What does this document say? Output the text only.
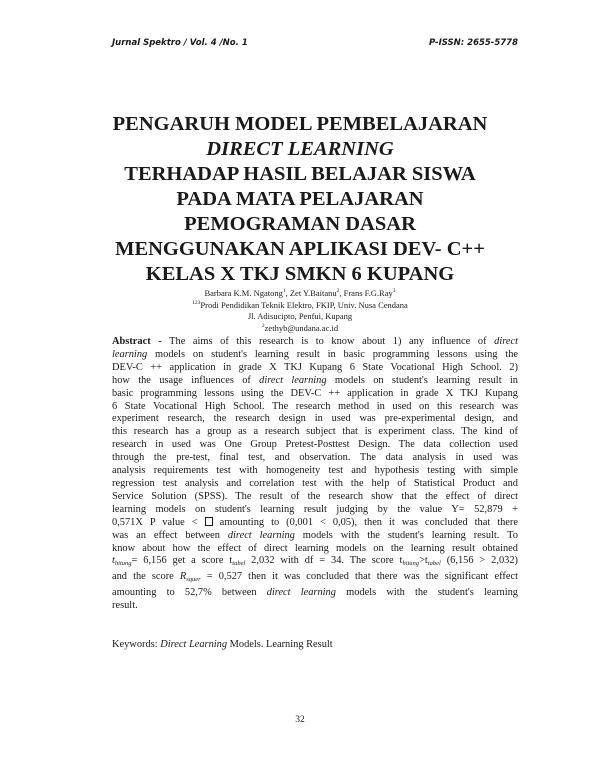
Jurnal Spektro / Vol. 4 /No. 1	P-ISSN: 2655-5778
PENGARUH MODEL PEMBELAJARAN
DIRECT LEARNING
TERHADAP HASIL BELAJAR SISWA
PADA MATA PELAJARAN
PEMOGRAMAN DASAR
MENGGUNAKAN APLIKASI DEV- C++
KELAS X TKJ SMKN 6 KUPANG
Barbara K.M. Ngatong$^1$, Zet Y.Baitanu$^2$, Frans F.G.Ray$^3$
$^{123}$Prodi Pendidikan Teknik Elektro, FKIP, Univ. Nusa Cendana
Jl. Adisucipto, Penfui, Kupang
$^2$zethyb@undana.ac.id
Abstract - The aims of this research is to know about 1) any influence of direct
learning models on student's learning result in basic programming lessons using the
DEV-C ++ application in grade X TKJ Kupang 6 State Vocational High School. 2)
how the usage influences of direct learning models on student's learning result in
basic programming lessons using the DEV-C ++ application in grade X TKJ Kupang
6 State Vocational High School. The research method in used on this research was
experiment research, the research design in used was pre-experimental design, and
this research has a group as a research subject that is experiment class. The kind of
research in used was One Group Pretest-Posttest Design. The data collection used
through the pre-test, final test, and observation. The data analysis in used was
analysis requirements test with homogeneity test and hypothesis testing with simple
regression test analysis and correlation test with the help of Statistical Product and
Service Solution (SPSS). The result of the research show that the effect of direct
learning models on student's learning result judging by the value Y= 52,879 +
0,571X P value <  amounting to (0,001 < 0,05), then it was concluded that there
was an effect between direct learning models with the student's learning result. To
know about how the effect of direct learning models on the learning result obtained
$t_{hitung}= 6,156$ get a score $t_{tabel}$ 2,032 with df = 34. The score $t_{hitung}>t_{tabel}$ (6,156 > 2,032)
and the score $R_{squer} = 0,527$ then it was concluded that there was the significant effect
amounting to 52,7% between direct learning models with the student's learning
result.
Keywords: Direct Learning Models. Learning Result
32
